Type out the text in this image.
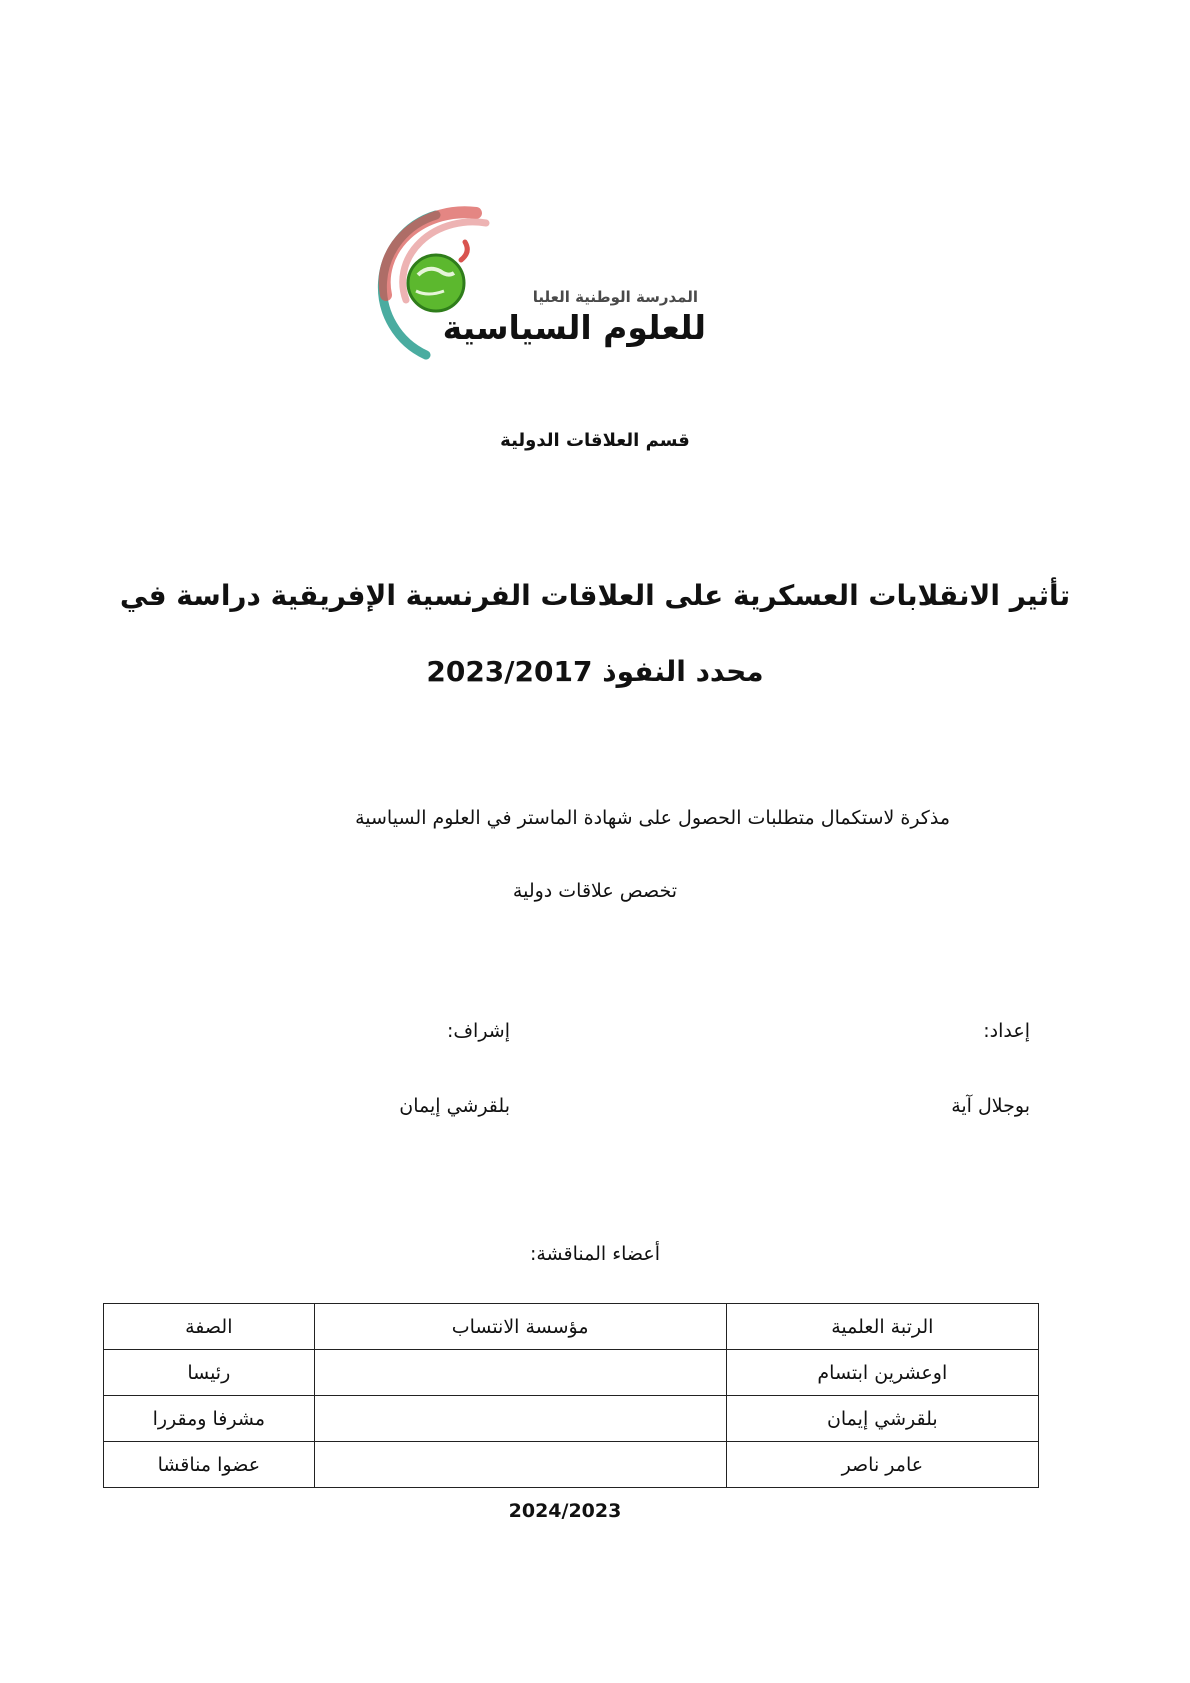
المدرسة الوطنية العليا
للعلوم السياسية
قسم العلاقات الدولية
تأثير الانقلابات العسكرية على العلاقات الفرنسية الإفريقية دراسة في
محدد النفوذ 2023/2017
مذكرة لاستكمال متطلبات الحصول على شهادة الماستر في العلوم السياسية
تخصص علاقات دولية
إعداد:
إشراف:
بوجلال آية
بلقرشي إيمان
أعضاء المناقشة:
الرتبة العلمية	مؤسسة الانتساب	الصفة
اوعشرين ابتسام		رئيسا
بلقرشي إيمان		مشرفا ومقررا
عامر ناصر		عضوا مناقشا
2024/2023
